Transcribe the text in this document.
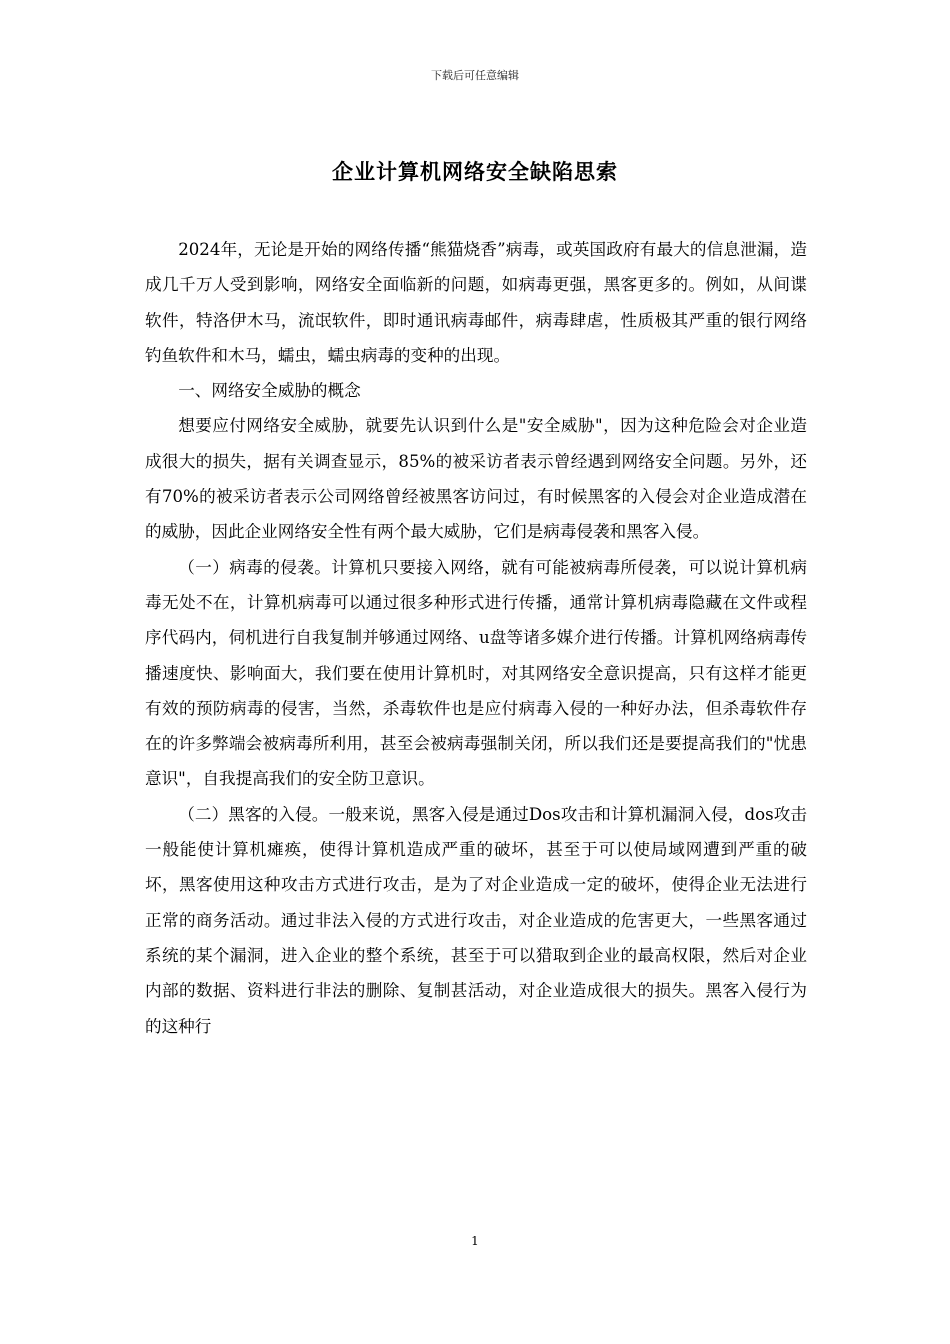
下载后可任意编辑
企业计算机网络安全缺陷思索

2024年，无论是开始的网络传播“熊猫烧香”病毒，或英国政府有最大的信息泄漏，造成几千万人受到影响，网络安全面临新的问题，如病毒更强，黑客更多的。例如，从间谍软件，特洛伊木马，流氓软件，即时通讯病毒邮件，病毒肆虐，性质极其严重的银行网络钓鱼软件和木马，蠕虫，蠕虫病毒的变种的出现。

一、网络安全威胁的概念

想要应付网络安全威胁，就要先认识到什么是"安全威胁"，因为这种危险会对企业造成很大的损失，据有关调查显示，85%的被采访者表示曾经遇到网络安全问题。另外，还有70%的被采访者表示公司网络曾经被黑客访问过，有时候黑客的入侵会对企业造成潜在的威胁，因此企业网络安全性有两个最大威胁，它们是病毒侵袭和黑客入侵。

（一）病毒的侵袭。计算机只要接入网络，就有可能被病毒所侵袭，可以说计算机病毒无处不在，计算机病毒可以通过很多种形式进行传播，通常计算机病毒隐藏在文件或程序代码内，伺机进行自我复制并够通过网络、u盘等诸多媒介进行传播。计算机网络病毒传播速度快、影响面大，我们要在使用计算机时，对其网络安全意识提高，只有这样才能更有效的预防病毒的侵害，当然，杀毒软件也是应付病毒入侵的一种好办法，但杀毒软件存在的许多弊端会被病毒所利用，甚至会被病毒强制关闭，所以我们还是要提高我们的"忧患意识"，自我提高我们的安全防卫意识。

（二）黑客的入侵。一般来说，黑客入侵是通过Dos攻击和计算机漏洞入侵，dos攻击一般能使计算机瘫痪，使得计算机造成严重的破坏，甚至于可以使局域网遭到严重的破坏，黑客使用这种攻击方式进行攻击，是为了对企业造成一定的破坏，使得企业无法进行正常的商务活动。通过非法入侵的方式进行攻击，对企业造成的危害更大，一些黑客通过系统的某个漏洞，进入企业的整个系统，甚至于可以猎取到企业的最高权限，然后对企业内部的数据、资料进行非法的删除、复制甚活动，对企业造成很大的损失。黑客入侵行为的这种行

1
